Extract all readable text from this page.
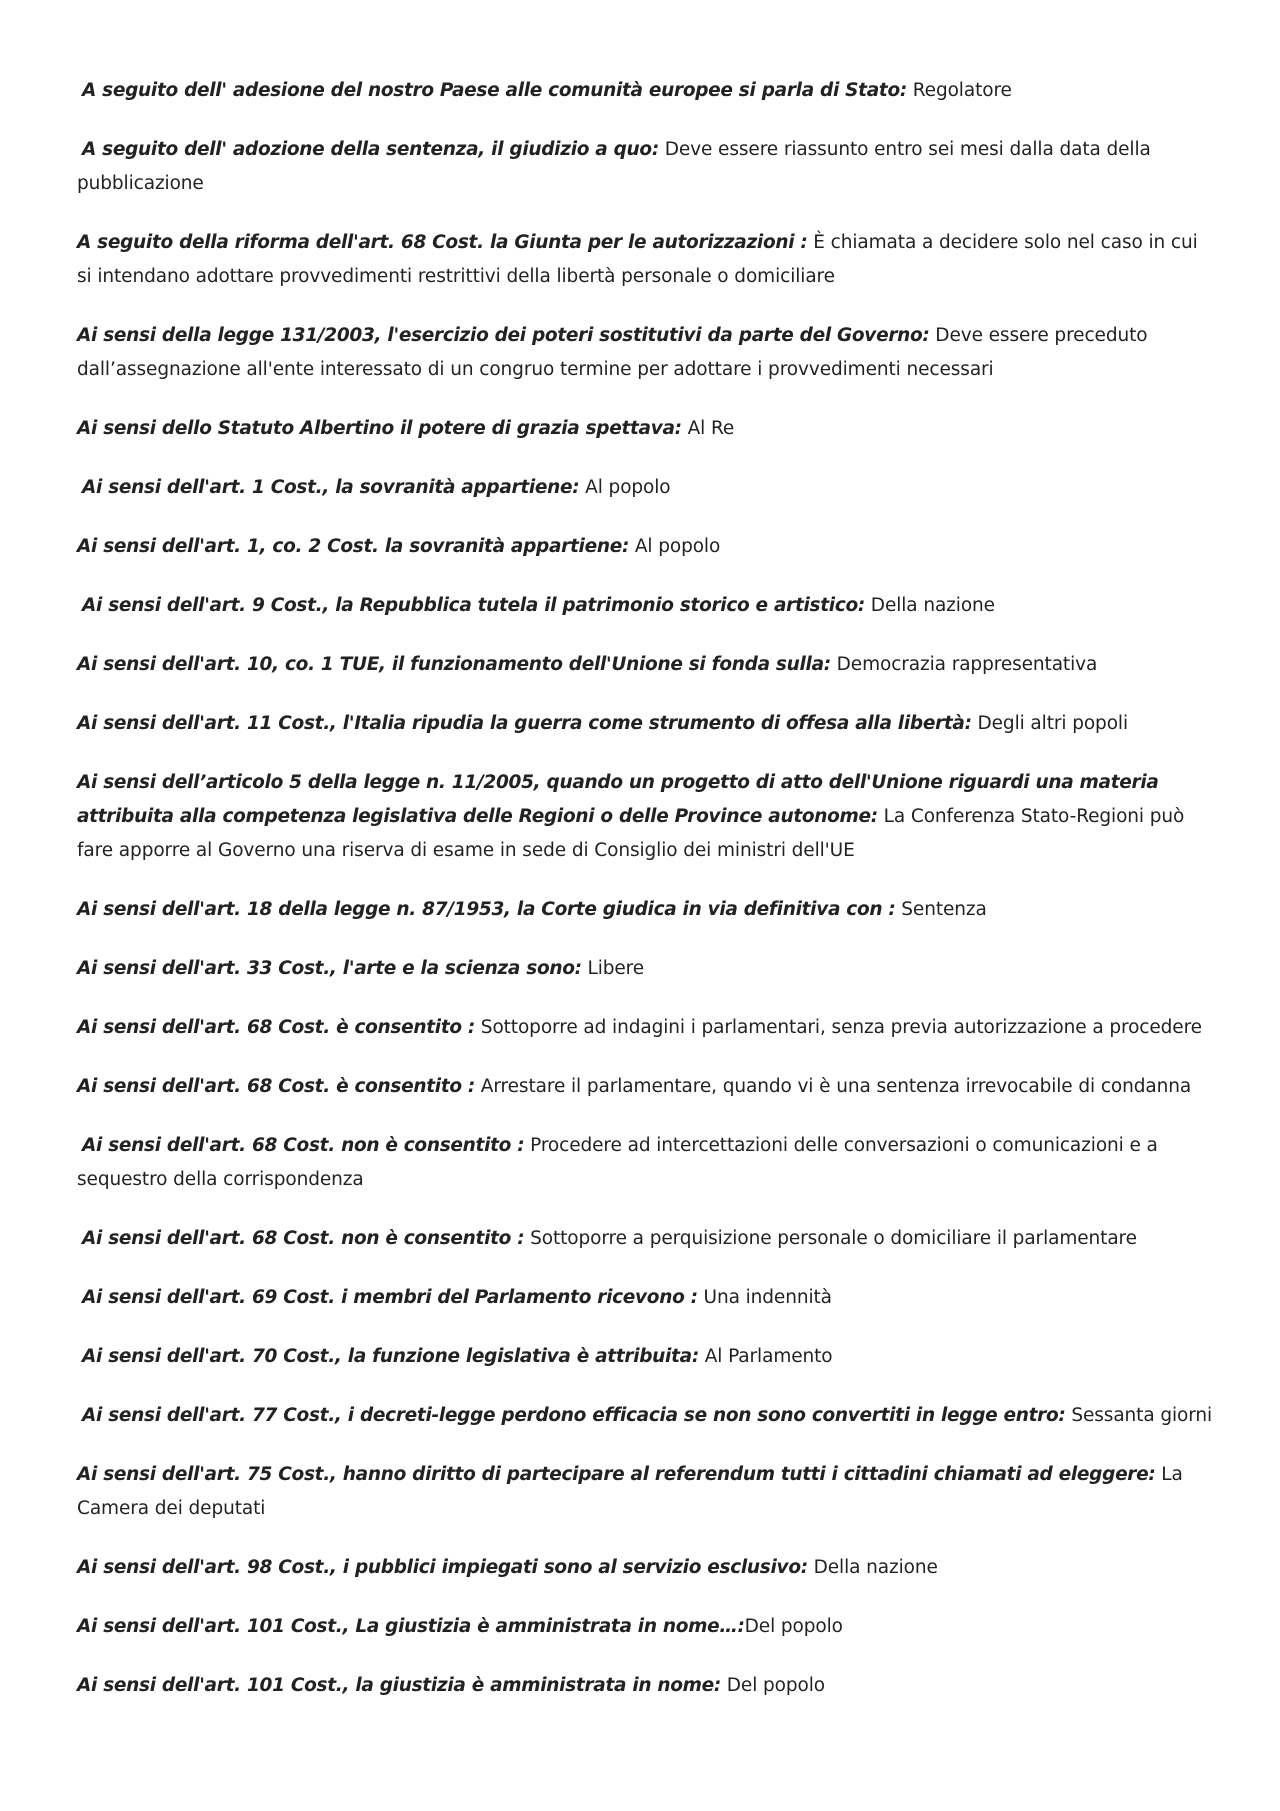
A seguito dell' adesione del nostro Paese alle comunità europee si parla di Stato: Regolatore

A seguito dell' adozione della sentenza, il giudizio a quo: Deve essere riassunto entro sei mesi dalla data della pubblicazione

A seguito della riforma dell'art. 68 Cost. la Giunta per le autorizzazioni : È chiamata a decidere solo nel caso in cui si intendano adottare provvedimenti restrittivi della libertà personale o domiciliare

Ai sensi della legge 131/2003, l'esercizio dei poteri sostitutivi da parte del Governo: Deve essere preceduto dall’assegnazione all'ente interessato di un congruo termine per adottare i provvedimenti necessari

Ai sensi dello Statuto Albertino il potere di grazia spettava: Al Re

Ai sensi dell'art. 1 Cost., la sovranità appartiene: Al popolo

Ai sensi dell'art. 1, co. 2 Cost. la sovranità appartiene: Al popolo

Ai sensi dell'art. 9 Cost., la Repubblica tutela il patrimonio storico e artistico: Della nazione

Ai sensi dell'art. 10, co. 1 TUE, il funzionamento dell'Unione si fonda sulla: Democrazia rappresentativa

Ai sensi dell'art. 11 Cost., l'Italia ripudia la guerra come strumento di offesa alla libertà: Degli altri popoli

Ai sensi dell’articolo 5 della legge n. 11/2005, quando un progetto di atto dell'Unione riguardi una materia attribuita alla competenza legislativa delle Regioni o delle Province autonome: La Conferenza Stato-Regioni può fare apporre al Governo una riserva di esame in sede di Consiglio dei ministri dell'UE

Ai sensi dell'art. 18 della legge n. 87/1953, la Corte giudica in via definitiva con : Sentenza

Ai sensi dell'art. 33 Cost., l'arte e la scienza sono: Libere

Ai sensi dell'art. 68 Cost. è consentito : Sottoporre ad indagini i parlamentari, senza previa autorizzazione a procedere

Ai sensi dell'art. 68 Cost. è consentito : Arrestare il parlamentare, quando vi è una sentenza irrevocabile di condanna

Ai sensi dell'art. 68 Cost. non è consentito : Procedere ad intercettazioni delle conversazioni o comunicazioni e a sequestro della corrispondenza

Ai sensi dell'art. 68 Cost. non è consentito : Sottoporre a perquisizione personale o domiciliare il parlamentare

Ai sensi dell'art. 69 Cost. i membri del Parlamento ricevono : Una indennità

Ai sensi dell'art. 70 Cost., la funzione legislativa è attribuita: Al Parlamento

Ai sensi dell'art. 77 Cost., i decreti-legge perdono efficacia se non sono convertiti in legge entro: Sessanta giorni

Ai sensi dell'art. 75 Cost., hanno diritto di partecipare al referendum tutti i cittadini chiamati ad eleggere: La Camera dei deputati

Ai sensi dell'art. 98 Cost., i pubblici impiegati sono al servizio esclusivo: Della nazione

Ai sensi dell'art. 101 Cost., La giustizia è amministrata in nome…:Del popolo

Ai sensi dell'art. 101 Cost., la giustizia è amministrata in nome: Del popolo
